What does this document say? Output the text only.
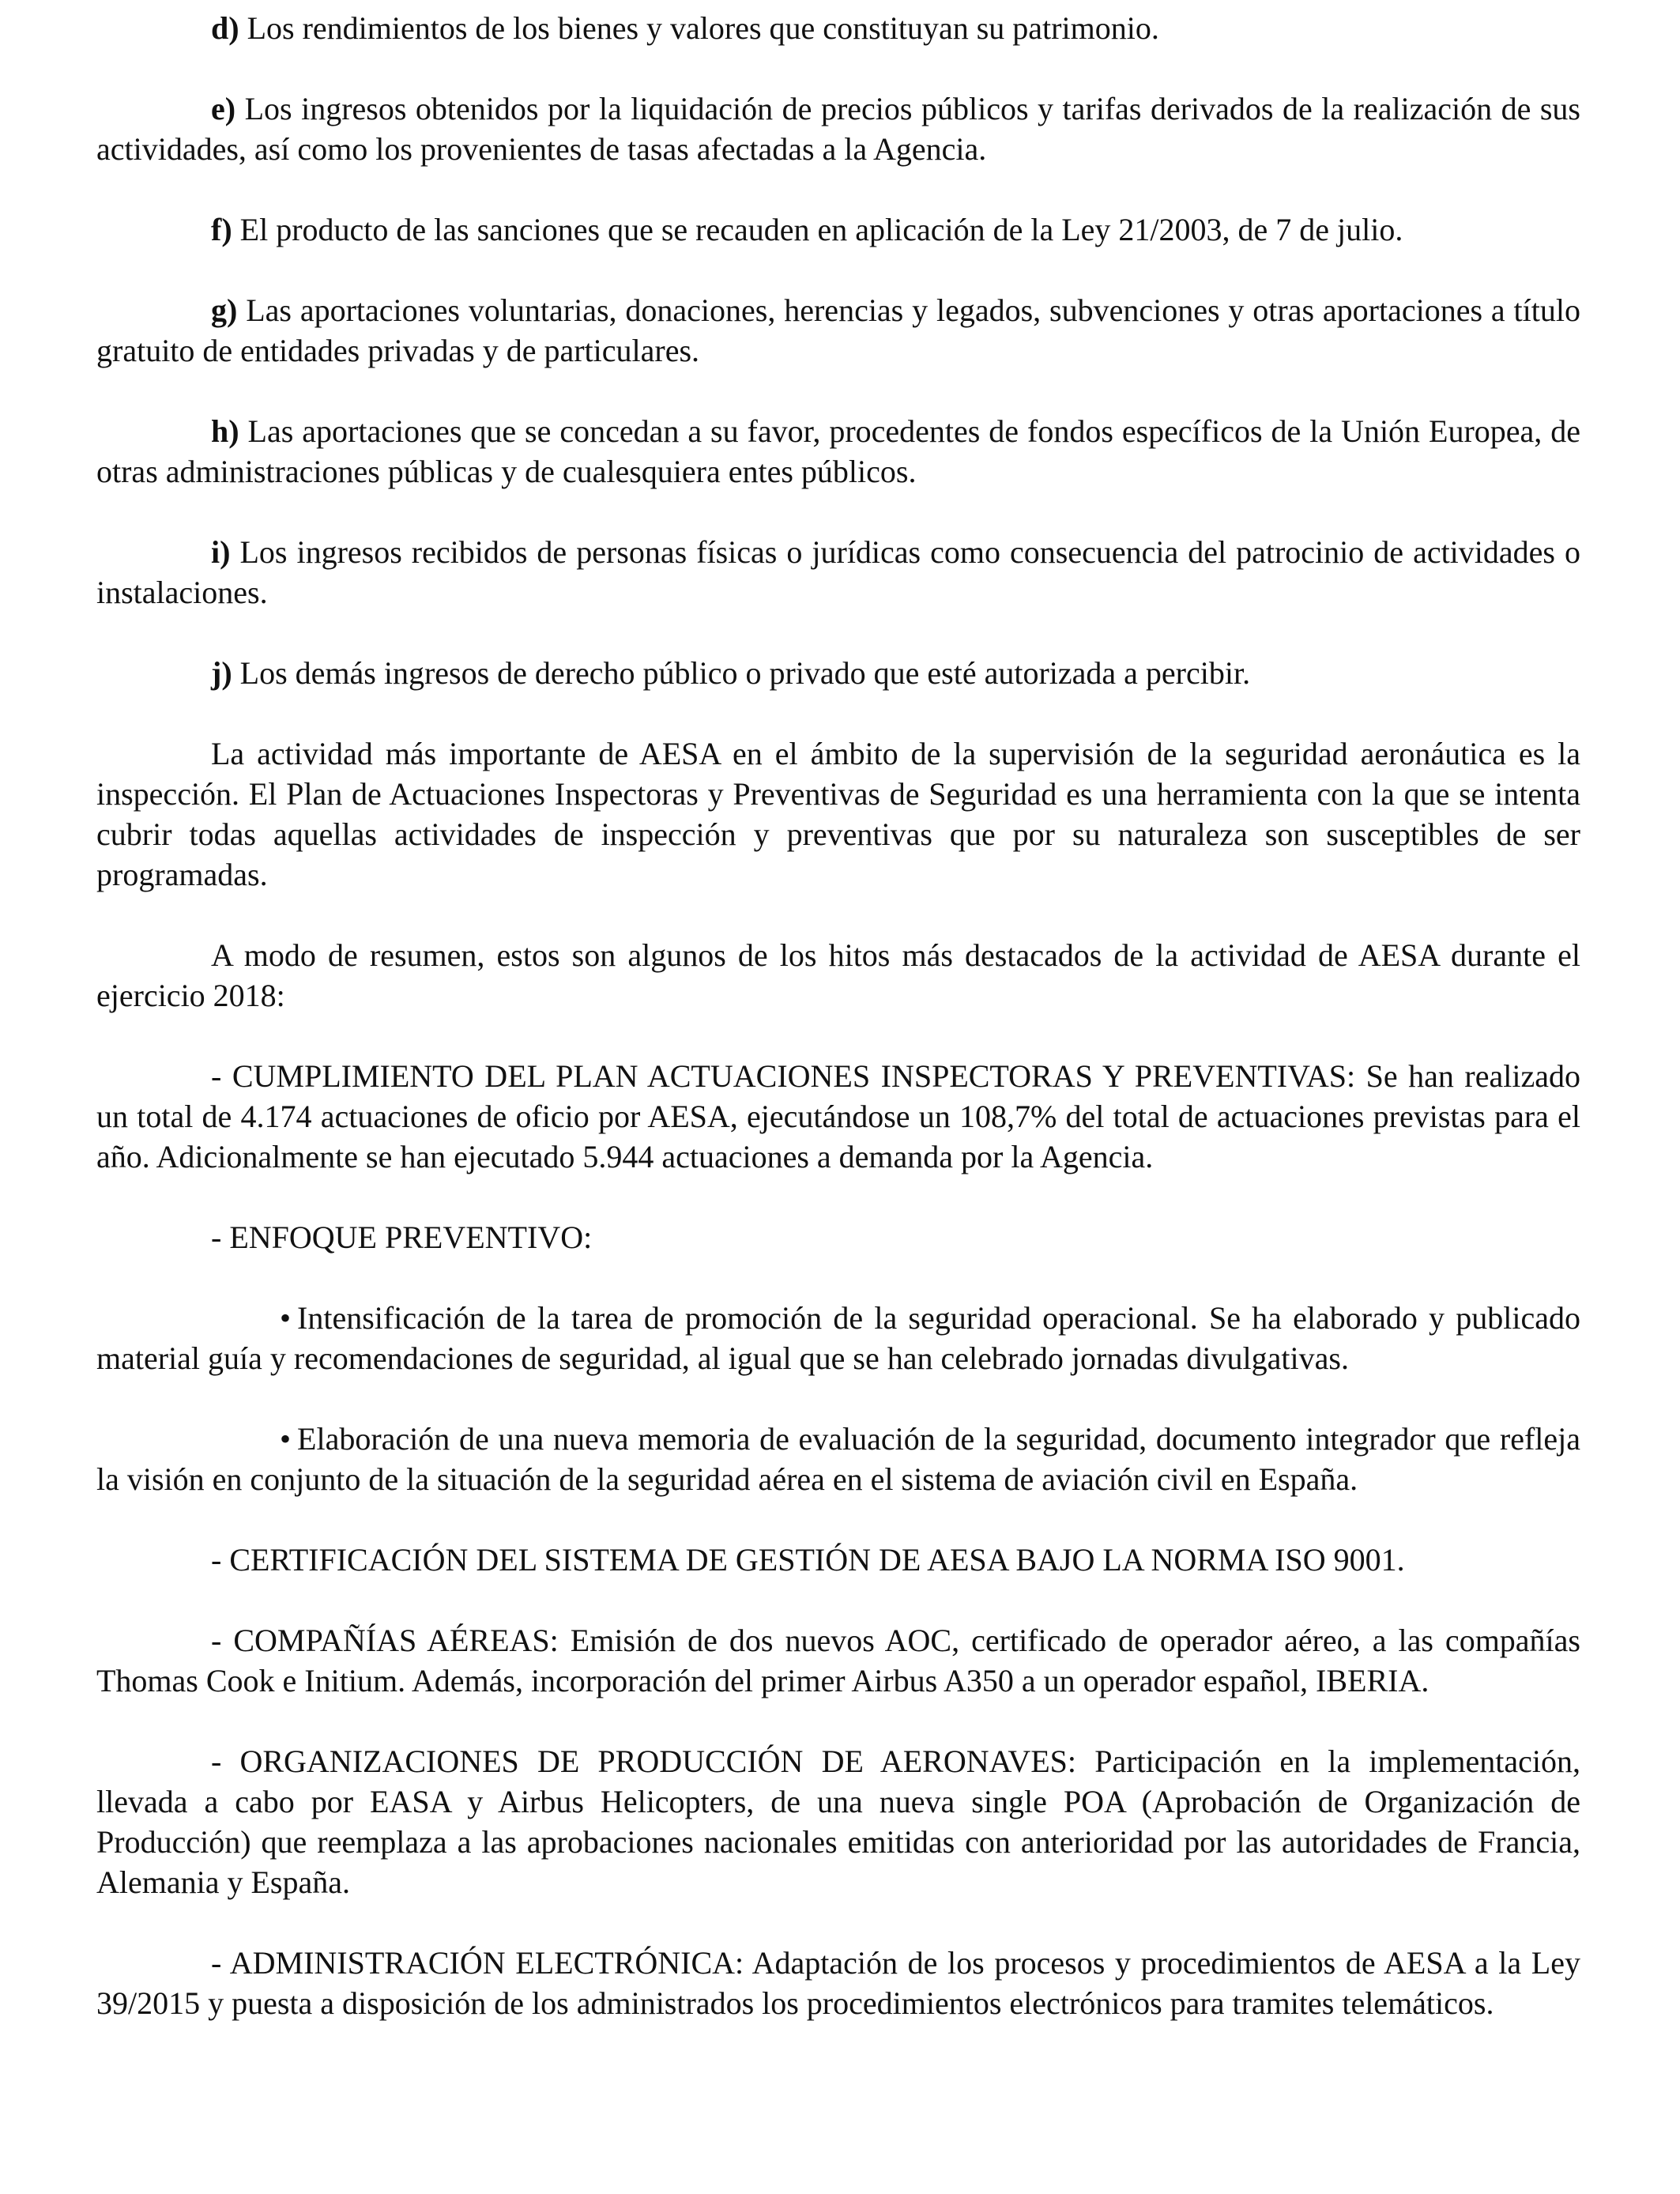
d) Los rendimientos de los bienes y valores que constituyan su patrimonio.

e) Los ingresos obtenidos por la liquidación de precios públicos y tarifas derivados de la realización de sus actividades, así como los provenientes de tasas afectadas a la Agencia.

f) El producto de las sanciones que se recauden en aplicación de la Ley 21/2003, de 7 de julio.

g) Las aportaciones voluntarias, donaciones, herencias y legados, subvenciones y otras aportaciones a título gratuito de entidades privadas y de particulares.

h) Las aportaciones que se concedan a su favor, procedentes de fondos específicos de la Unión Europea, de otras administraciones públicas y de cualesquiera entes públicos.

i) Los ingresos recibidos de personas físicas o jurídicas como consecuencia del patrocinio de actividades o instalaciones.

j) Los demás ingresos de derecho público o privado que esté autorizada a percibir.

La actividad más importante de AESA en el ámbito de la supervisión de la seguridad aeronáutica es la inspección. El Plan de Actuaciones Inspectoras y Preventivas de Seguridad es una herramienta con la que se intenta cubrir todas aquellas actividades de inspección y preventivas que por su naturaleza son susceptibles de ser programadas.

A modo de resumen, estos son algunos de los hitos más destacados de la actividad de AESA durante el ejercicio 2018:

- CUMPLIMIENTO DEL PLAN ACTUACIONES INSPECTORAS Y PREVENTIVAS: Se han realizado un total de 4.174 actuaciones de oficio por AESA, ejecutándose un 108,7% del total de actuaciones previstas para el año. Adicionalmente se han ejecutado 5.944 actuaciones a demanda por la Agencia.

- ENFOQUE PREVENTIVO:

• Intensificación de la tarea de promoción de la seguridad operacional. Se ha elaborado y publicado material guía y recomendaciones de seguridad, al igual que se han celebrado jornadas divulgativas.

• Elaboración de una nueva memoria de evaluación de la seguridad, documento integrador que refleja la visión en conjunto de la situación de la seguridad aérea en el sistema de aviación civil en España.

- CERTIFICACIÓN DEL SISTEMA DE GESTIÓN DE AESA BAJO LA NORMA ISO 9001.

- COMPAÑÍAS AÉREAS: Emisión de dos nuevos AOC, certificado de operador aéreo, a las compañías Thomas Cook e Initium. Además, incorporación del primer Airbus A350 a un operador español, IBERIA.

- ORGANIZACIONES DE PRODUCCIÓN DE AERONAVES: Participación en la implementación, llevada a cabo por EASA y Airbus Helicopters, de una nueva single POA (Aprobación de Organización de Producción) que reemplaza a las aprobaciones nacionales emitidas con anterioridad por las autoridades de Francia, Alemania y España.

- ADMINISTRACIÓN ELECTRÓNICA: Adaptación de los procesos y procedimientos de AESA a la Ley 39/2015 y puesta a disposición de los administrados los procedimientos electrónicos para tramites telemáticos.
